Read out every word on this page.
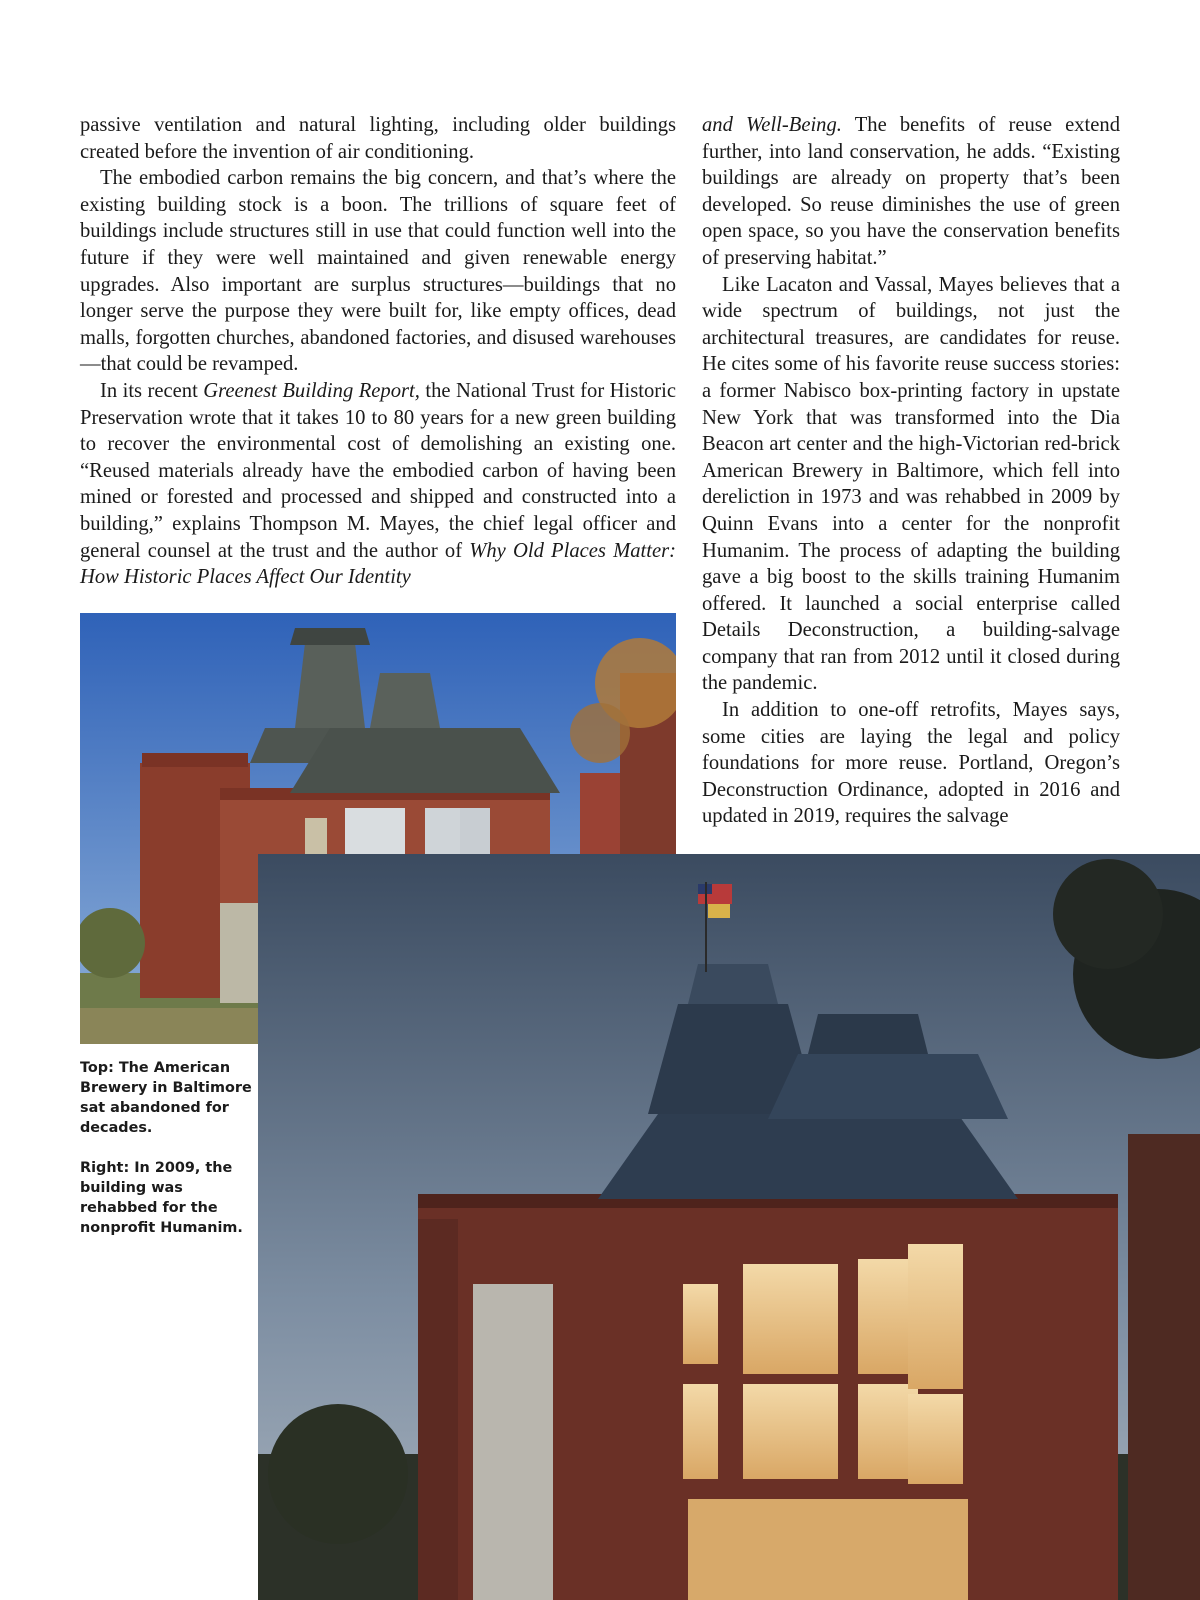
passive ventilation and natural lighting, including older buildings created before the invention of air conditioning.

The embodied carbon remains the big concern, and that’s where the existing building stock is a boon. The trillions of square feet of buildings include structures still in use that could function well into the future if they were well maintained and given renewable energy upgrades. Also important are surplus structures—buildings that no longer serve the purpose they were built for, like empty offices, dead malls, forgotten churches, abandoned factories, and disused warehouses—that could be revamped.

In its recent Greenest Building Report, the National Trust for Historic Preservation wrote that it takes 10 to 80 years for a new green building to recover the environmental cost of demolishing an existing one. “Reused materials already have the embodied carbon of having been mined or forested and processed and shipped and constructed into a building,” explains Thompson M. Mayes, the chief legal officer and general counsel at the trust and the author of Why Old Places Matter: How Historic Places Affect Our Identity

and Well-Being. The benefits of reuse extend further, into land conservation, he adds. “Existing buildings are already on property that’s been developed. So reuse diminishes the use of green open space, so you have the conservation benefits of preserving habitat.”

Like Lacaton and Vassal, Mayes believes that a wide spectrum of buildings, not just the architectural treasures, are candidates for reuse. He cites some of his favorite reuse success stories: a former Nabisco box-printing factory in upstate New York that was transformed into the Dia Beacon art center and the high-Victorian red-brick American Brewery in Baltimore, which fell into dereliction in 1973 and was rehabbed in 2009 by Quinn Evans into a center for the nonprofit Humanim. The process of adapting the building gave a big boost to the skills training Humanim offered. It launched a social enterprise called Details Deconstruction, a building-salvage company that ran from 2012 until it closed during the pandemic.

In addition to one-off retrofits, Mayes says, some cities are laying the legal and policy foundations for more reuse. Portland, Oregon’s Deconstruction Ordinance, adopted in 2016 and updated in 2019, requires the salvage

Top: The American Brewery in Baltimore sat abandoned for decades.

Right: In 2009, the building was rehabbed for the nonprofit Humanim.
